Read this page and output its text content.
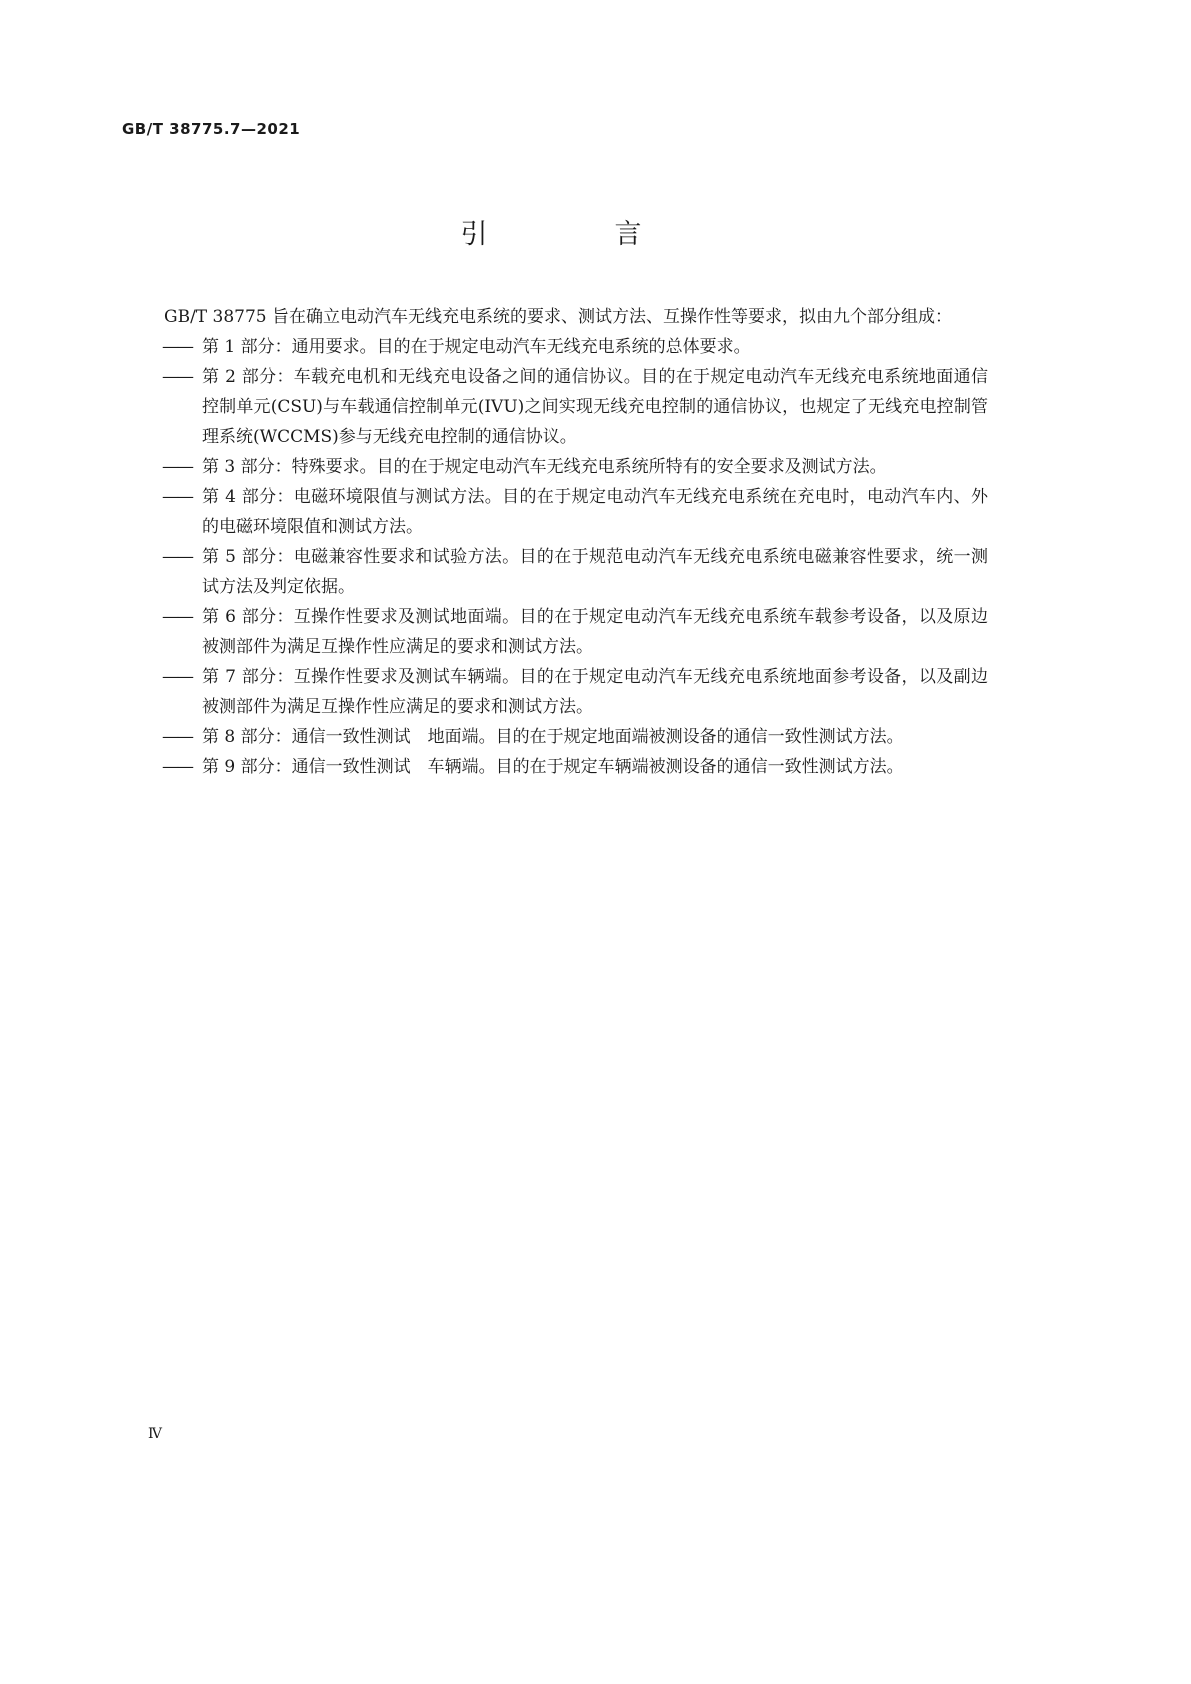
GB/T 38775.7—2021
引　言

GB/T 38775 旨在确立电动汽车无线充电系统的要求、测试方法、互操作性等要求，拟由九个部分组成：

—— 第 1 部分：通用要求。目的在于规定电动汽车无线充电系统的总体要求。
—— 第 2 部分：车载充电机和无线充电设备之间的通信协议。目的在于规定电动汽车无线充电系统地面通信控制单元(CSU)与车载通信控制单元(IVU)之间实现无线充电控制的通信协议，也规定了无线充电控制管理系统(WCCMS)参与无线充电控制的通信协议。
—— 第 3 部分：特殊要求。目的在于规定电动汽车无线充电系统所特有的安全要求及测试方法。
—— 第 4 部分：电磁环境限值与测试方法。目的在于规定电动汽车无线充电系统在充电时，电动汽车内、外的电磁环境限值和测试方法。
—— 第 5 部分：电磁兼容性要求和试验方法。目的在于规范电动汽车无线充电系统电磁兼容性要求，统一测试方法及判定依据。
—— 第 6 部分：互操作性要求及测试地面端。目的在于规定电动汽车无线充电系统车载参考设备，以及原边被测部件为满足互操作性应满足的要求和测试方法。
—— 第 7 部分：互操作性要求及测试车辆端。目的在于规定电动汽车无线充电系统地面参考设备，以及副边被测部件为满足互操作性应满足的要求和测试方法。
—— 第 8 部分：通信一致性测试　地面端。目的在于规定地面端被测设备的通信一致性测试方法。
—— 第 9 部分：通信一致性测试　车辆端。目的在于规定车辆端被测设备的通信一致性测试方法。
Ⅳ
